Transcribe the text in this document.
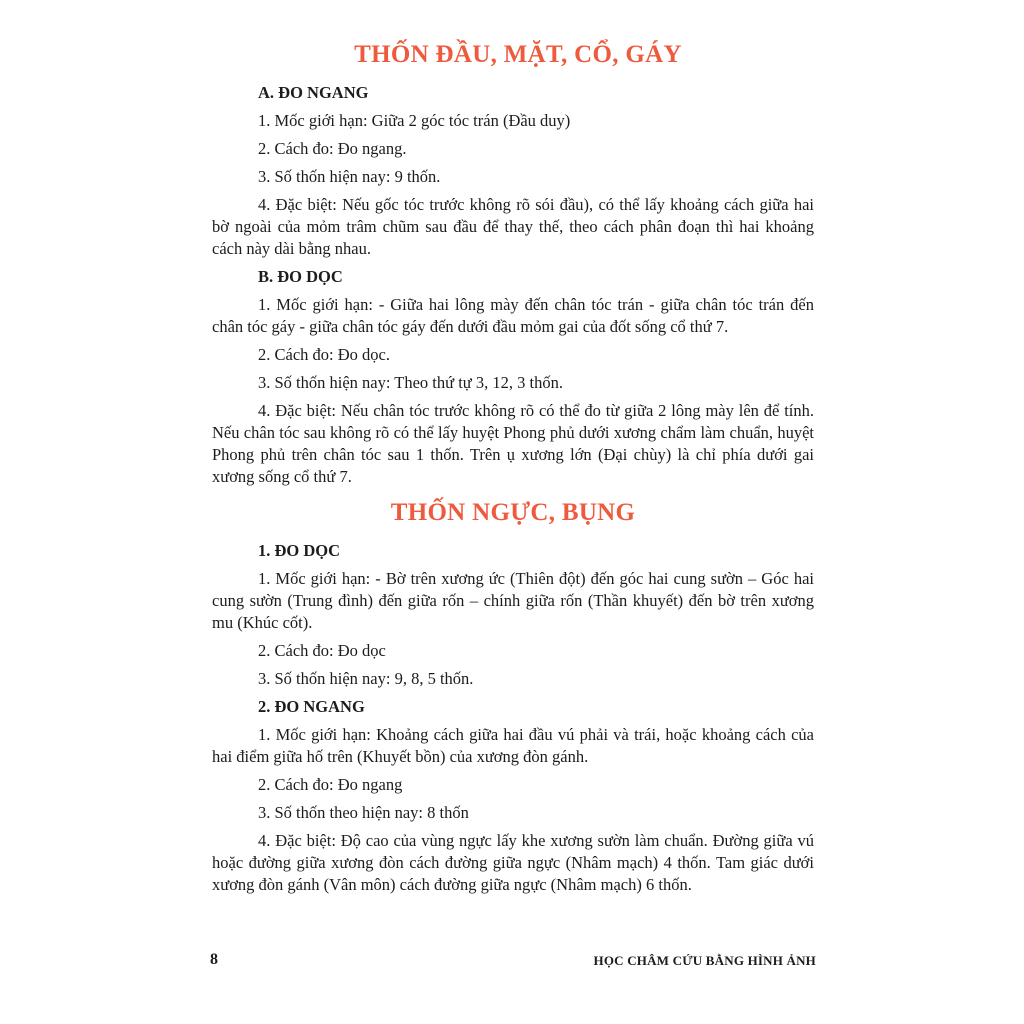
THỐN ĐẦU, MẶT, CỔ, GÁY
A. ĐO NGANG

1. Mốc giới hạn: Giữa 2 góc tóc trán (Đầu duy)

2. Cách đo: Đo ngang.

3. Số thốn hiện nay: 9 thốn.

4. Đặc biệt: Nếu gốc tóc trước không rõ sói đầu), có thể lấy khoảng cách giữa hai bờ ngoài của mỏm trâm chũm sau đầu để thay thế, theo cách phân đoạn thì hai khoảng cách này dài bằng nhau.

B. ĐO DỌC

1. Mốc giới hạn: - Giữa hai lông mày đến chân tóc trán - giữa chân tóc trán đến chân tóc gáy - giữa chân tóc gáy đến dưới đầu mỏm gai của đốt sống cổ thứ 7.

2. Cách đo: Đo dọc.

3. Số thốn hiện nay: Theo thứ tự 3, 12, 3 thốn.

4. Đặc biệt: Nếu chân tóc trước không rõ có thể đo từ giữa 2 lông mày lên để tính. Nếu chân tóc sau không rõ có thể lấy huyệt Phong phủ dưới xương chẩm làm chuẩn, huyệt Phong phủ trên chân tóc sau 1 thốn. Trên ụ xương lớn (Đại chùy) là chỉ phía dưới gai xương sống cổ thứ 7.

THỐN NGỰC, BỤNG
1. ĐO DỌC

1. Mốc giới hạn: - Bờ trên xương ức (Thiên đột) đến góc hai cung sườn – Góc hai cung sườn (Trung đình) đến giữa rốn – chính giữa rốn (Thần khuyết) đến bờ trên xương mu (Khúc cốt).

2. Cách đo: Đo dọc

3. Số thốn hiện nay: 9, 8, 5 thốn.

2. ĐO NGANG

1. Mốc giới hạn: Khoảng cách giữa hai đầu vú phải và trái, hoặc khoảng cách của hai điểm giữa hố trên (Khuyết bồn) của xương đòn gánh.

2. Cách đo: Đo ngang

3. Số thốn theo hiện nay: 8 thốn

4. Đặc biệt: Độ cao của vùng ngực lấy khe xương sườn làm chuẩn. Đường giữa vú hoặc đường giữa xương đòn cách đường giữa ngực (Nhâm mạch) 4 thốn. Tam giác dưới xương đòn gánh (Vân môn) cách đường giữa ngực (Nhâm mạch) 6 thốn.

8	HỌC CHÂM CỨU BẰNG HÌNH ẢNH
